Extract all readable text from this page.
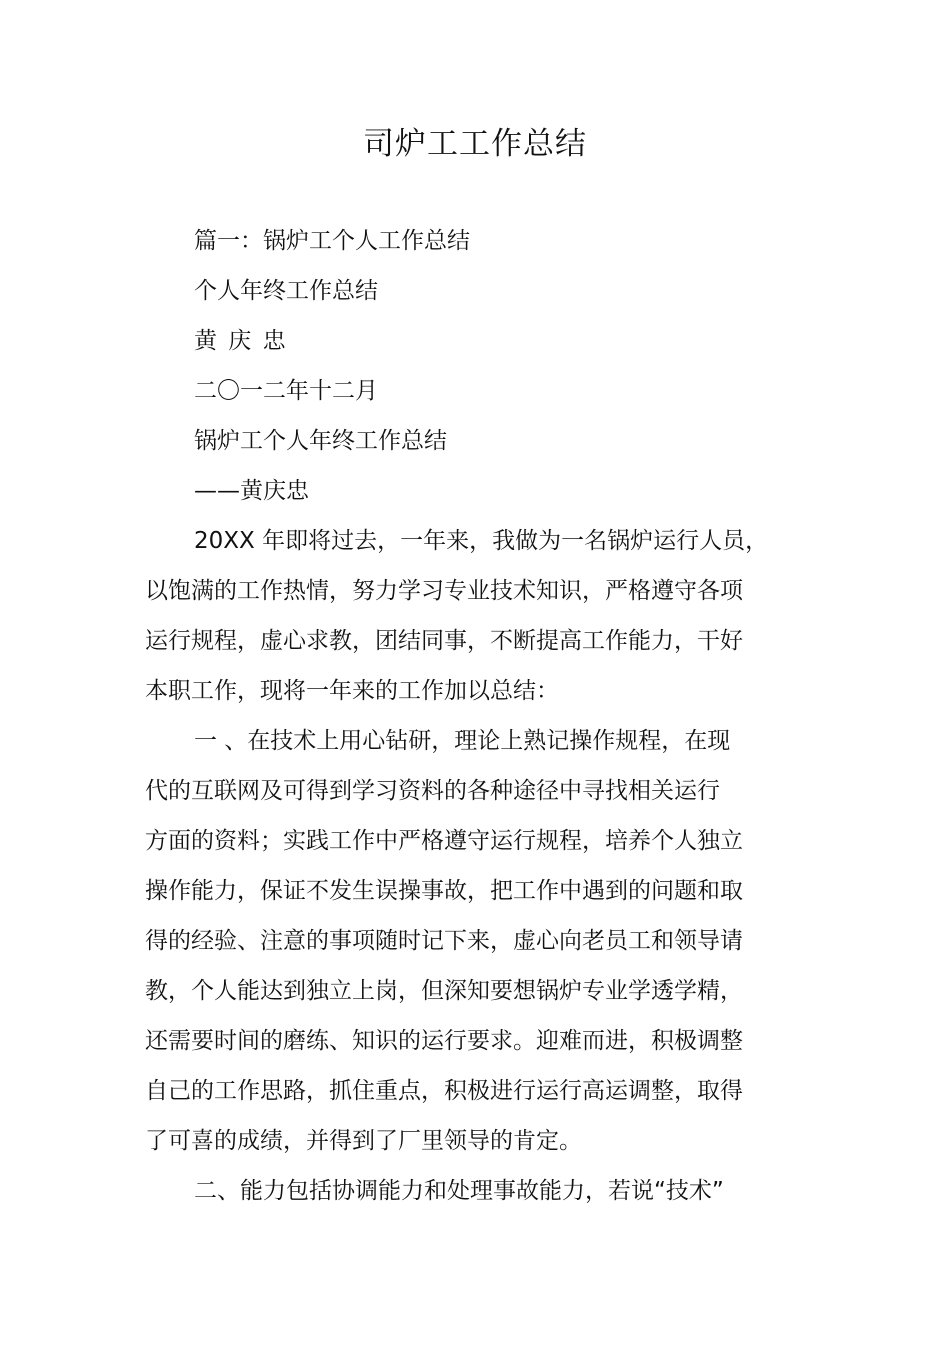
司炉工工作总结
篇一：锅炉工个人工作总结
个人年终工作总结
黄 庆 忠
二〇一二年十二月
锅炉工个人年终工作总结
——黄庆忠
20XX 年即将过去，一年来，我做为一名锅炉运行人员，
以饱满的工作热情，努力学习专业技术知识，严格遵守各项
运行规程，虚心求教，团结同事，不断提高工作能力，干好
本职工作，现将一年来的工作加以总结：
一 、在技术上用心钻研，理论上熟记操作规程，在现
代的互联网及可得到学习资料的各种途径中寻找相关运行
方面的资料；实践工作中严格遵守运行规程，培养个人独立
操作能力，保证不发生误操事故，把工作中遇到的问题和取
得的经验、注意的事项随时记下来，虚心向老员工和领导请
教，个人能达到独立上岗，但深知要想锅炉专业学透学精，
还需要时间的磨练、知识的运行要求。迎难而进，积极调整
自己的工作思路，抓住重点，积极进行运行高运调整，取得
了可喜的成绩，并得到了厂里领导的肯定。
二、能力包括协调能力和处理事故能力，若说“技术”
